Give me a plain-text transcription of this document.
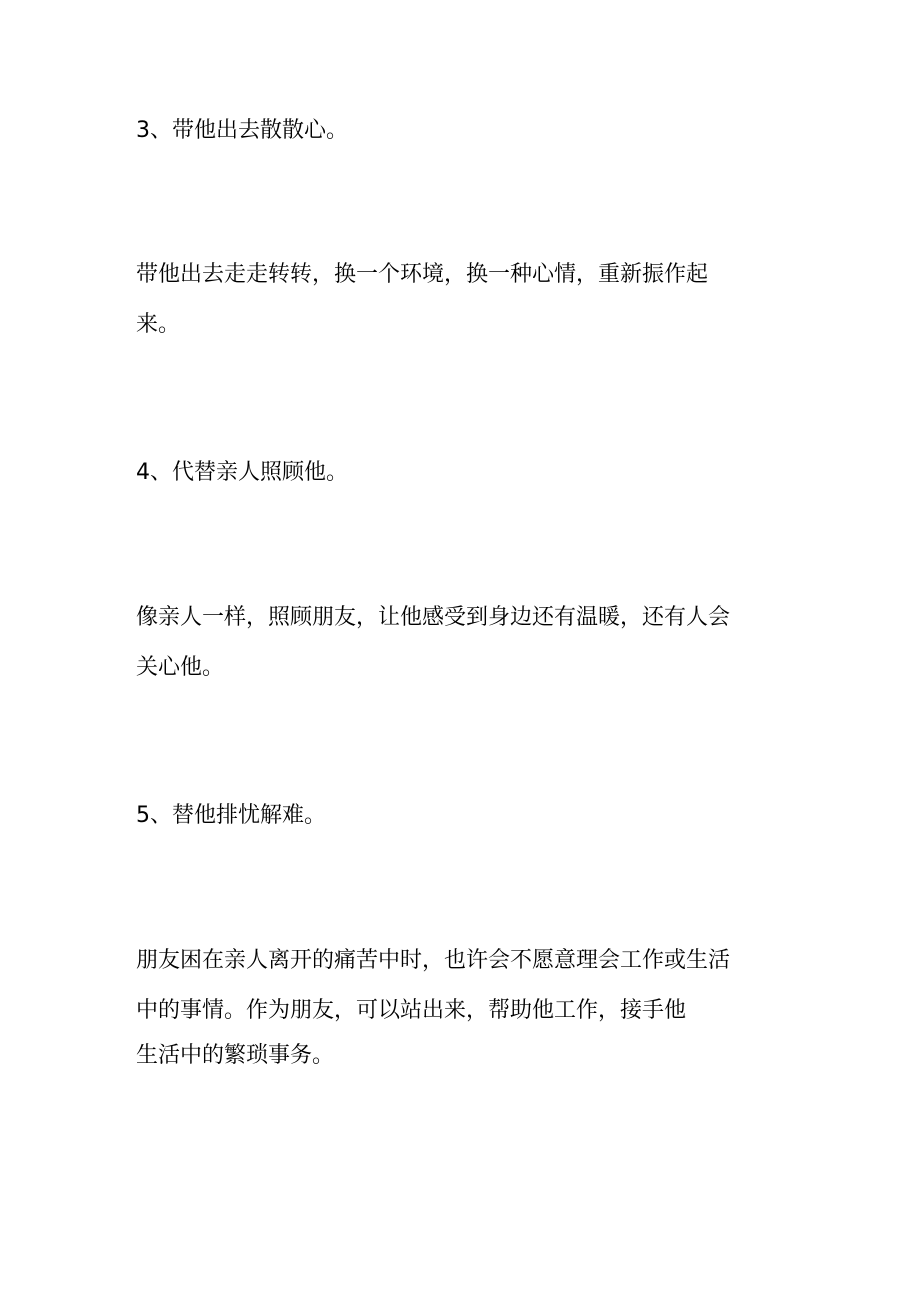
3、带他出去散散心。

带他出去走走转转，换一个环境，换一种心情，重新振作起

来。

4、代替亲人照顾他。

像亲人一样，照顾朋友，让他感受到身边还有温暖，还有人会

关心他。

5、替他排忧解难。

朋友困在亲人离开的痛苦中时，也许会不愿意理会工作或生活

中的事情。作为朋友，可以站出来，帮助他工作，接手他

生活中的繁琐事务。
